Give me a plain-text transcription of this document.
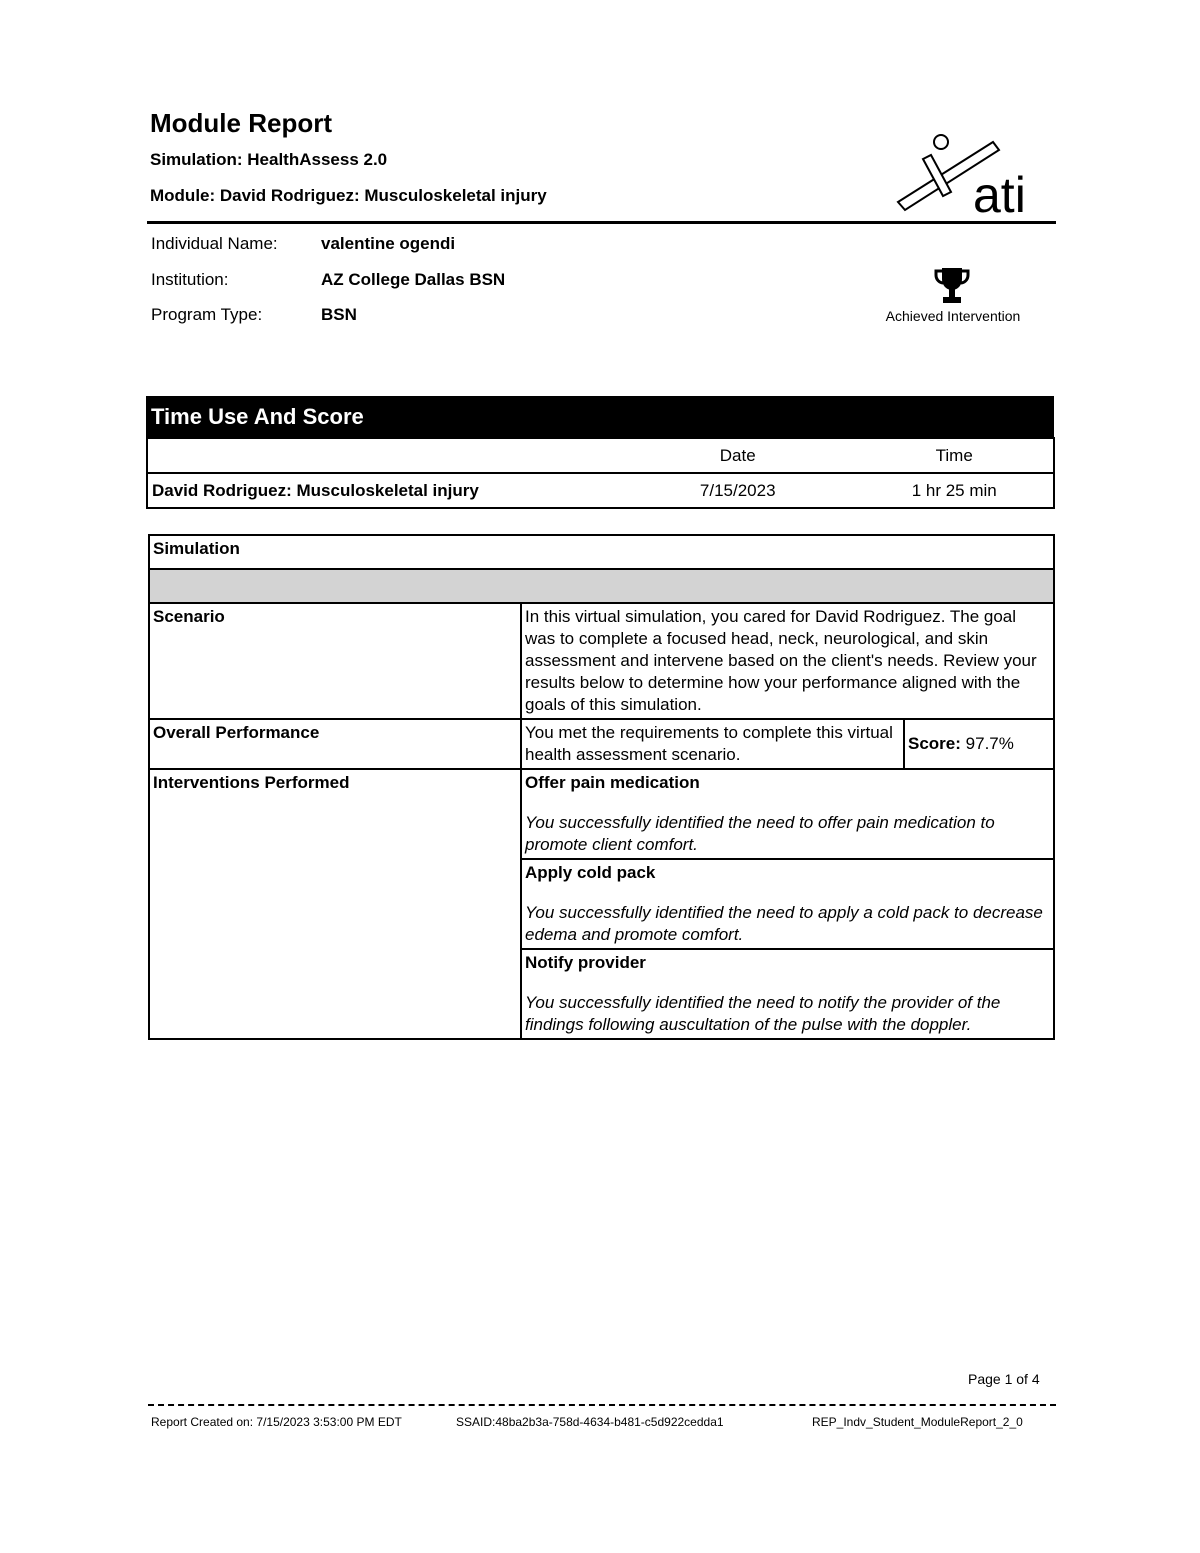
Module Report
Simulation: HealthAssess 2.0
Module: David Rodriguez: Musculoskeletal injury	ati
Individual Name:	valentine ogendi
Institution:	AZ College Dallas BSN
Program Type:	BSN	Achieved Intervention
Time Use And Score
	Date	Time
David Rodriguez: Musculoskeletal injury	7/15/2023	1 hr 25 min
Simulation

Scenario	In this virtual simulation, you cared for David Rodriguez. The goal was to complete a focused head, neck, neurological, and skin assessment and intervene based on the client's needs. Review your results below to determine how your performance aligned with the goals of this simulation.
Overall Performance		You met the requirements to complete this virtual health assessment scenario.	Score: 97.7%

Interventions Performed	Offer pain medication
You successfully identified the need to offer pain medication to promote client comfort.

Apply cold pack
You successfully identified the need to apply a cold pack to decrease edema and promote comfort.

Notify provider
You successfully identified the need to notify the provider of the findings following auscultation of the pulse with the doppler.
Page 1 of 4
Report Created on: 7/15/2023 3:53:00 PM EDT	SSAID:48ba2b3a-758d-4634-b481-c5d922cedda1	REP_Indv_Student_ModuleReport_2_0
